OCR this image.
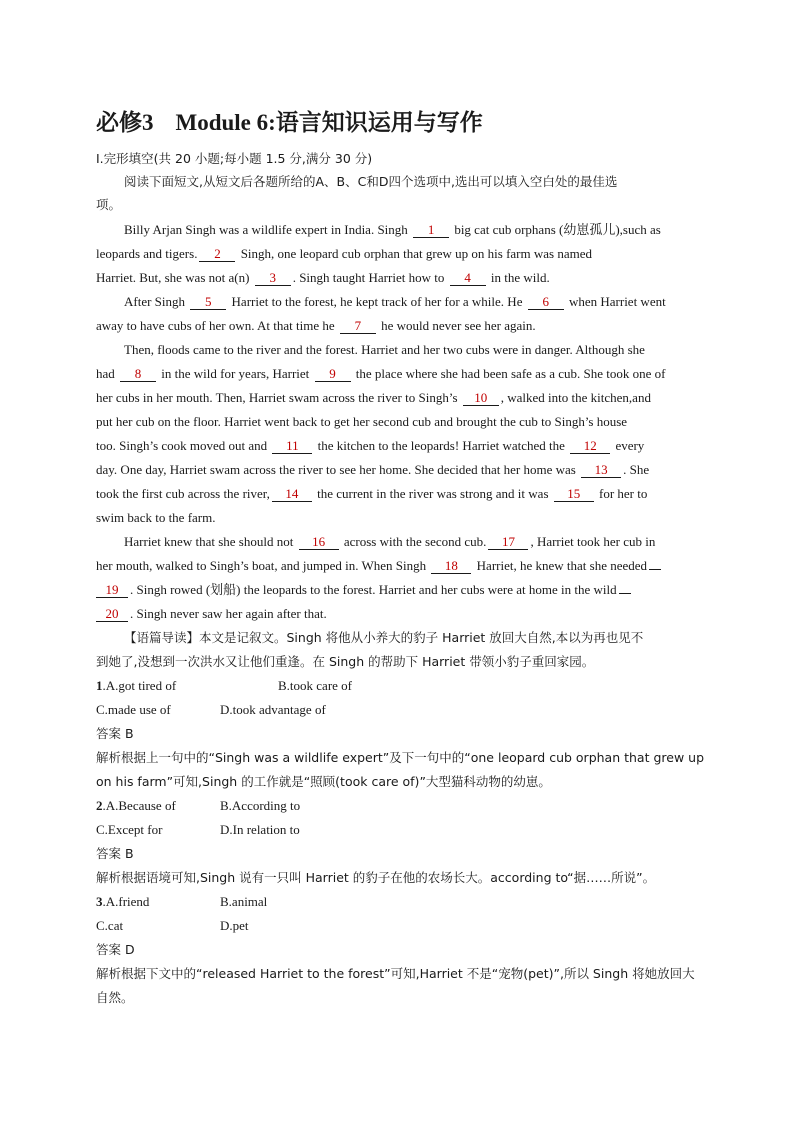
必修3 Module 6:语言知识运用与写作
Ⅰ.完形填空(共 20 小题;每小题 1.5 分,满分 30 分)
阅读下面短文,从短文后各题所给的A、B、C和D四个选项中,选出可以填入空白处的最佳选
项。
Billy Arjan Singh was a wildlife expert in India. Singh 1 big cat cub orphans (幼崽孤儿),such as
leopards and tigers. 2 Singh, one leopard cub orphan that grew up on his farm was named
Harriet. But, she was not a(n) 3 . Singh taught Harriet how to 4 in the wild.
After Singh 5 Harriet to the forest, he kept track of her for a while. He 6 when Harriet went
away to have cubs of her own. At that time he 7 he would never see her again.
Then, floods came to the river and the forest. Harriet and her two cubs were in danger. Although she
had 8 in the wild for years, Harriet 9 the place where she had been safe as a cub. She took one of
her cubs in her mouth. Then, Harriet swam across the river to Singh’s 10 , walked into the kitchen,and
put her cub on the floor. Harriet went back to get her second cub and brought the cub to Singh’s house
too. Singh’s cook moved out and 11 the kitchen to the leopards! Harriet watched the 12 every
day. One day, Harriet swam across the river to see her home. She decided that her home was 13 . She
took the first cub across the river, 14 the current in the river was strong and it was 15 for her to
swim back to the farm.
Harriet knew that she should not 16 across with the second cub. 17 , Harriet took her cub in
her mouth, walked to Singh’s boat, and jumped in. When Singh 18 Harriet, he knew that she needed
19 . Singh rowed (划船) the leopards to the forest. Harriet and her cubs were at home in the wild
20 . Singh never saw her again after that.
【语篇导读】本文是记叙文。Singh 将他从小养大的豹子 Harriet 放回大自然,本以为再也见不
到她了,没想到一次洪水又让他们重逢。在 Singh 的帮助下 Harriet 带领小豹子重回家园。
1.A.got tired of	B.took care of
C.made use of	D.took advantage of
答案 B
解析根据上一句中的“Singh was a wildlife expert”及下一句中的“one leopard cub orphan that grew up
on his farm”可知,Singh 的工作就是“照顾(took care of)”大型猫科动物的幼崽。
2.A.Because of	B.According to
C.Except for	D.In relation to
答案 B
解析根据语境可知,Singh 说有一只叫 Harriet 的豹子在他的农场长大。according to“据……所说”。
3.A.friend	B.animal
C.cat	D.pet
答案 D
解析根据下文中的“released Harriet to the forest”可知,Harriet 不是“宠物(pet)”,所以 Singh 将她放回大
自然。
